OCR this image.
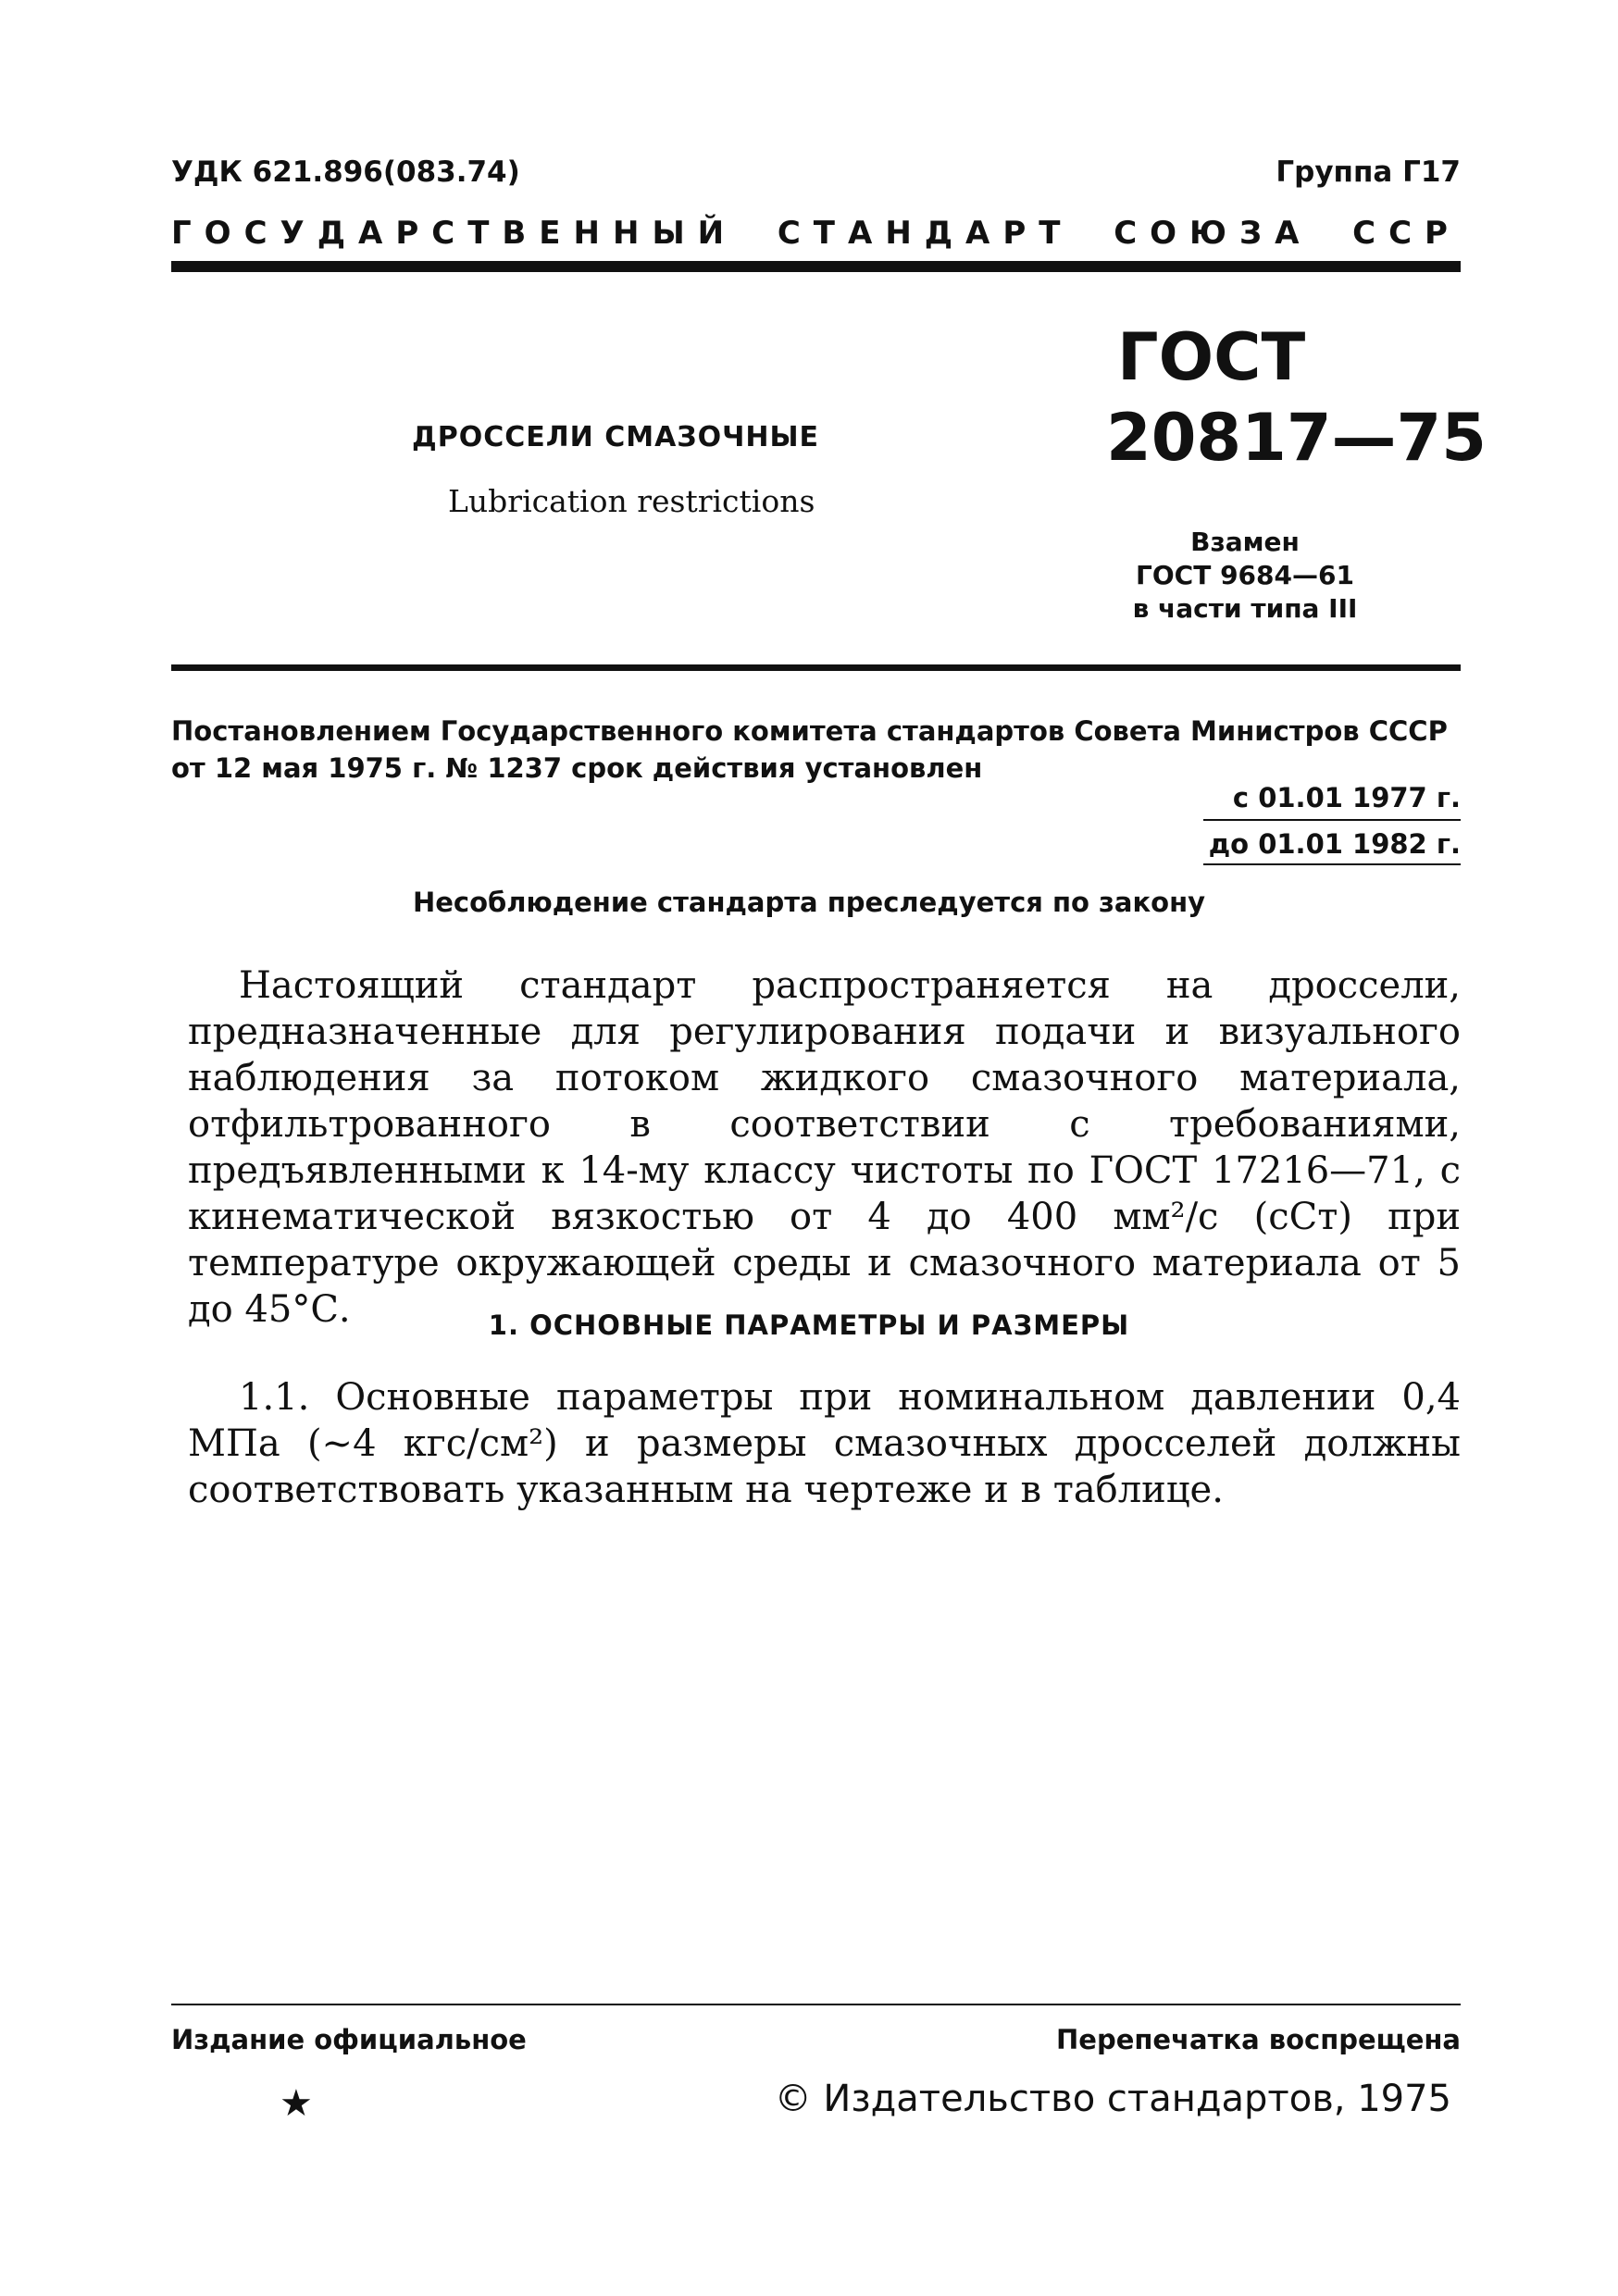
УДК 621.896(083.74)	Группа Г17
ГОСУДАРСТВЕННЫЙ СТАНДАРТ СОЮЗА ССР
ДРОССЕЛИ СМАЗОЧНЫЕ
Lubrication restrictions
ГОСТ
20817—75
Взамен
ГОСТ 9684—61
в части типа III
Постановлением Государственного комитета стандартов Совета Министров СССР от 12 мая 1975 г. № 1237 срок действия установлен
с 01.01 1977 г.
до 01.01 1982 г.
Несоблюдение стандарта преследуется по закону
Настоящий стандарт распространяется на дроссели, предназначенные для регулирования подачи и визуального наблюдения за потоком жидкого смазочного материала, отфильтрованного в соответствии с требованиями, предъявленными к 14-му классу чистоты по ГОСТ 17216—71, с кинематической вязкостью от 4 до 400 мм²/с (сСт) при температуре окружающей среды и смазочного материала от 5 до 45°С.	1. ОСНОВНЫЕ ПАРАМЕТРЫ И РАЗМЕРЫ
1.1. Основные параметры при номинальном давлении 0,4 МПа (~4 кгс/см²) и размеры смазочных дросселей должны соответствовать указанным на чертеже и в таблице.
Издание официальное	Перепечатка воспрещена
★	© Издательство стандартов, 1975
